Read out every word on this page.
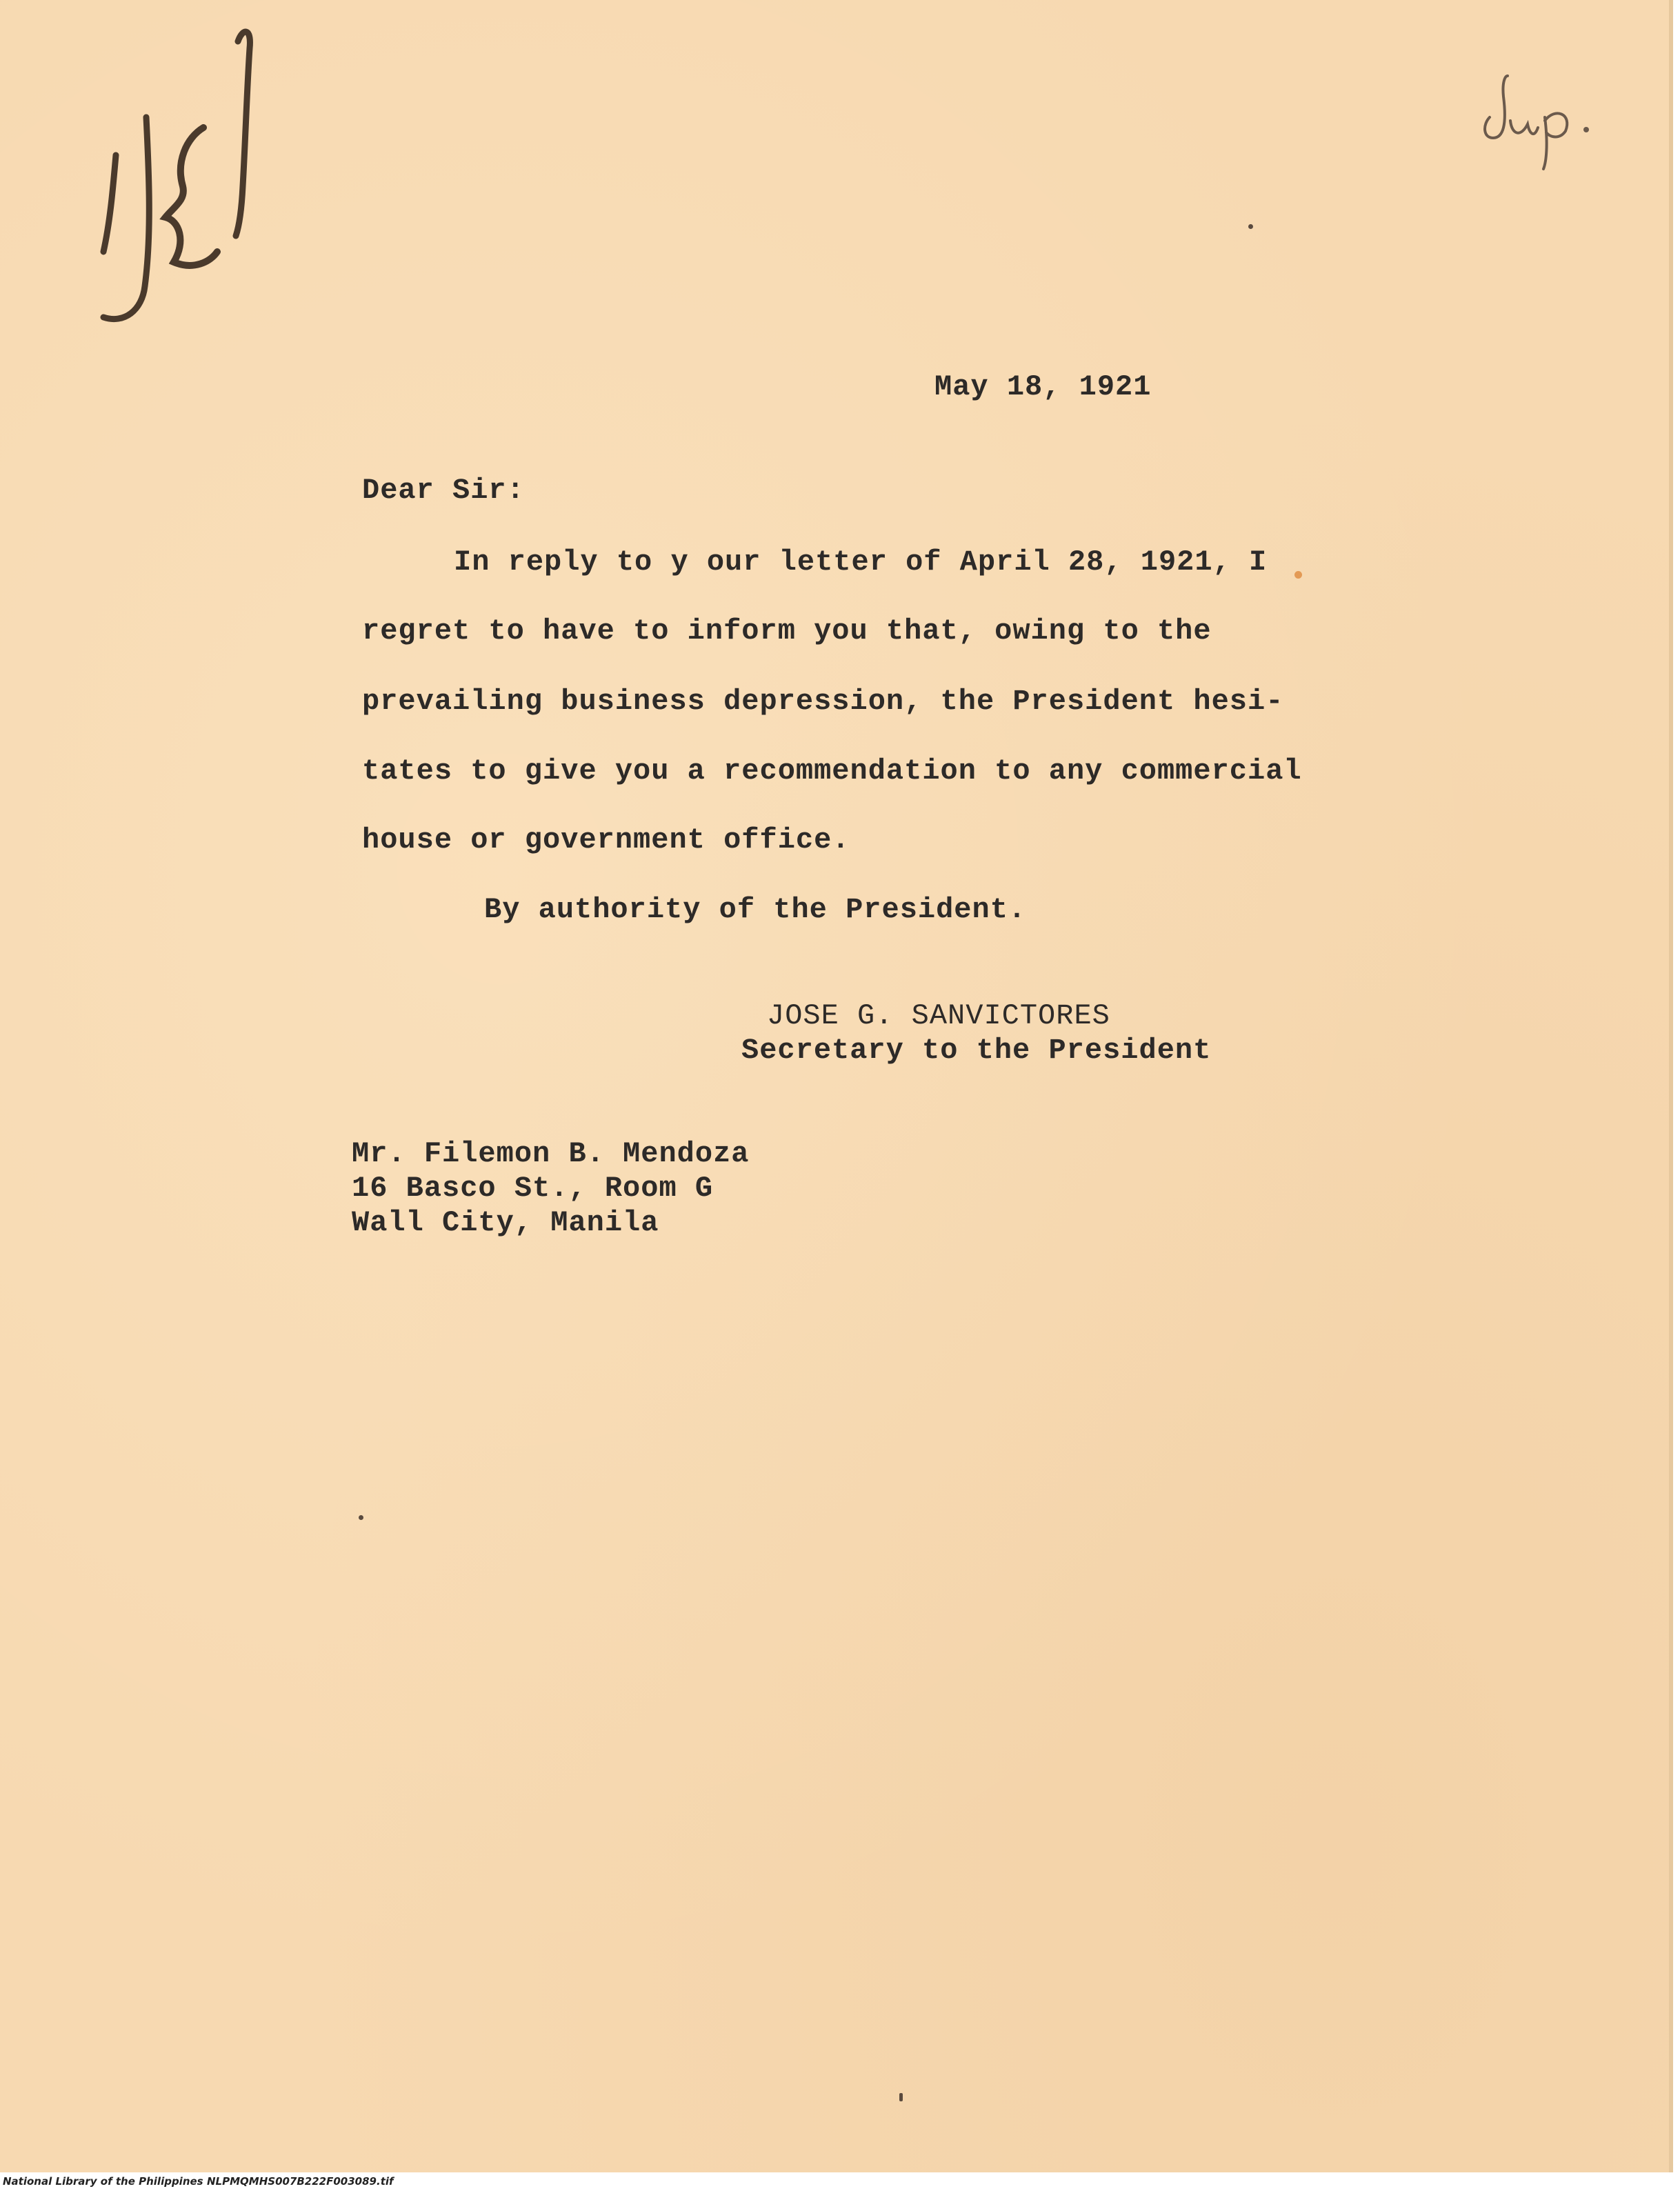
May 18, 1921
Dear Sir:
In reply to y our letter of April 28, 1921, I
regret to have to inform you that, owing to the
prevailing business depression, the President hesi-
tates to give you a recommendation to any commercial
house or government office.
By authority of the President.
JOSE G. SANVICTORES
Secretary to the President
Mr. Filemon B. Mendoza
16 Basco St., Room G
Wall City, Manila
National Library of the Philippines NLPMQMHS007B222F003089.tif
